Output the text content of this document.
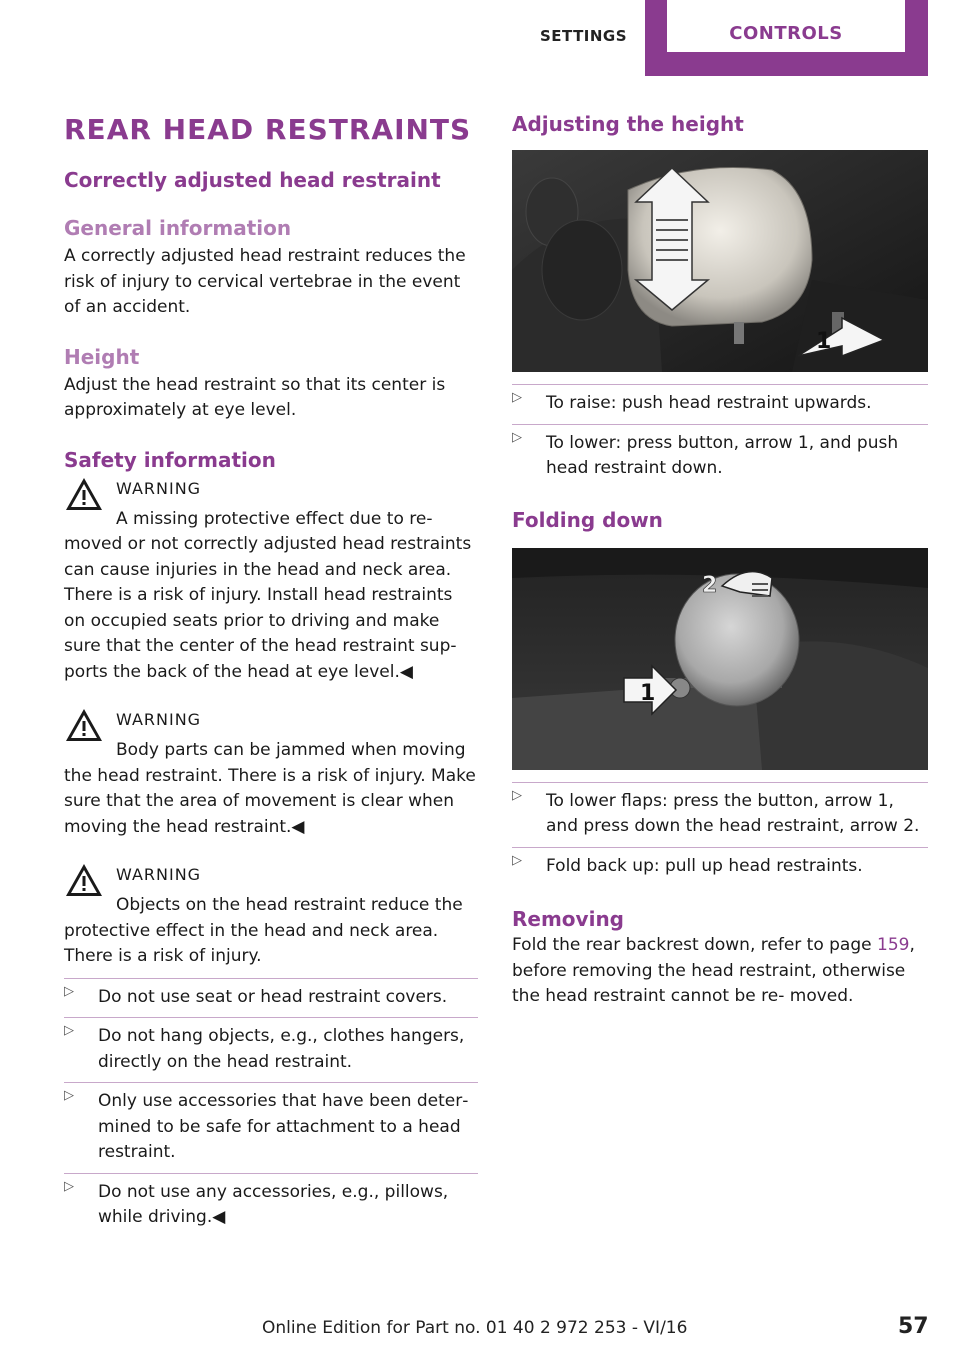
SETTINGS	CONTROLS
REAR HEAD RESTRAINTS
Correctly adjusted head restraint
General information

A correctly adjusted head restraint reduces the risk of injury to cervical vertebrae in the event of an accident.

Height

Adjust the head restraint so that its center is approximately at eye level.

Safety information
WARNING

A missing protective effect due to re‐

moved or not correctly adjusted head restraints can cause injuries in the head and neck area. There is a risk of injury. Install head restraints on occupied seats prior to driving and make sure that the center of the head restraint sup‐ ports the back of the head at eye level.◀

WARNING

Body parts can be jammed when moving

the head restraint. There is a risk of injury. Make sure that the area of movement is clear when moving the head restraint.◀

WARNING

Objects on the head restraint reduce the

protective effect in the head and neck area. There is a risk of injury.

▷ Do not use seat or head restraint covers.
▷ Do not hang objects, e.g., clothes hangers, directly on the head restraint.
▷ Only use accessories that have been deter‐ mined to be safe for attachment to a head restraint.
▷ Do not use any accessories, e.g., pillows, while driving.◀
Adjusting the height
1
▷ To raise: push head restraint upwards.
▷ To lower: press button, arrow 1, and push head restraint down.
Folding down
2
1
▷ To lower flaps: press the button, arrow 1, and press down the head restraint, arrow 2.
▷ Fold back up: pull up head restraints.
Removing

Fold the rear backrest down, refer to page 159, before removing the head restraint, otherwise the head restraint cannot be re‐ moved.

Online Edition for Part no. 01 40 2 972 253 - VI/16	57
